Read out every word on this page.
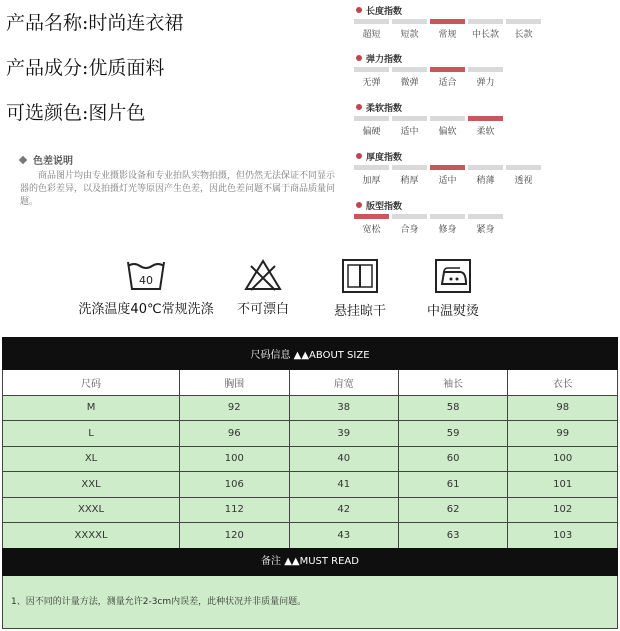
产品名称:时尚连衣裙
产品成分:优质面料
可选颜色:图片色
色差说明
商品图片均由专业摄影设备和专业拍队实物拍摄，但仍然无法保证不同显示器的色彩差异，以及拍摄灯光等原因产生色差，因此色差问题不属于商品质量问题。
长度指数
超短	短款	常规	中长款	长款
弹力指数
无弹	微弹	适合	弹力
柔软指数
偏硬	适中	偏软	柔软
厚度指数
加厚	稍厚	适中	稍薄	透视
版型指数
宽松	合身	修身	紧身
40
洗涤温度40℃常规洗涤	不可漂白	悬挂晾干	中温熨烫
尺码信息 ▲▲ABOUT SIZE				
尺码	胸围	肩宽	袖长	衣长
M	92	38	58	98
L	96	39	59	99
XL	100	40	60	100
XXL	106	41	61	101
XXXL	112	42	62	102
XXXXL	120	43	63	103
备注 ▲▲MUST READ
1、因不同的计量方法，测量允许2-3cm内误差，此种状况并非质量问题。
